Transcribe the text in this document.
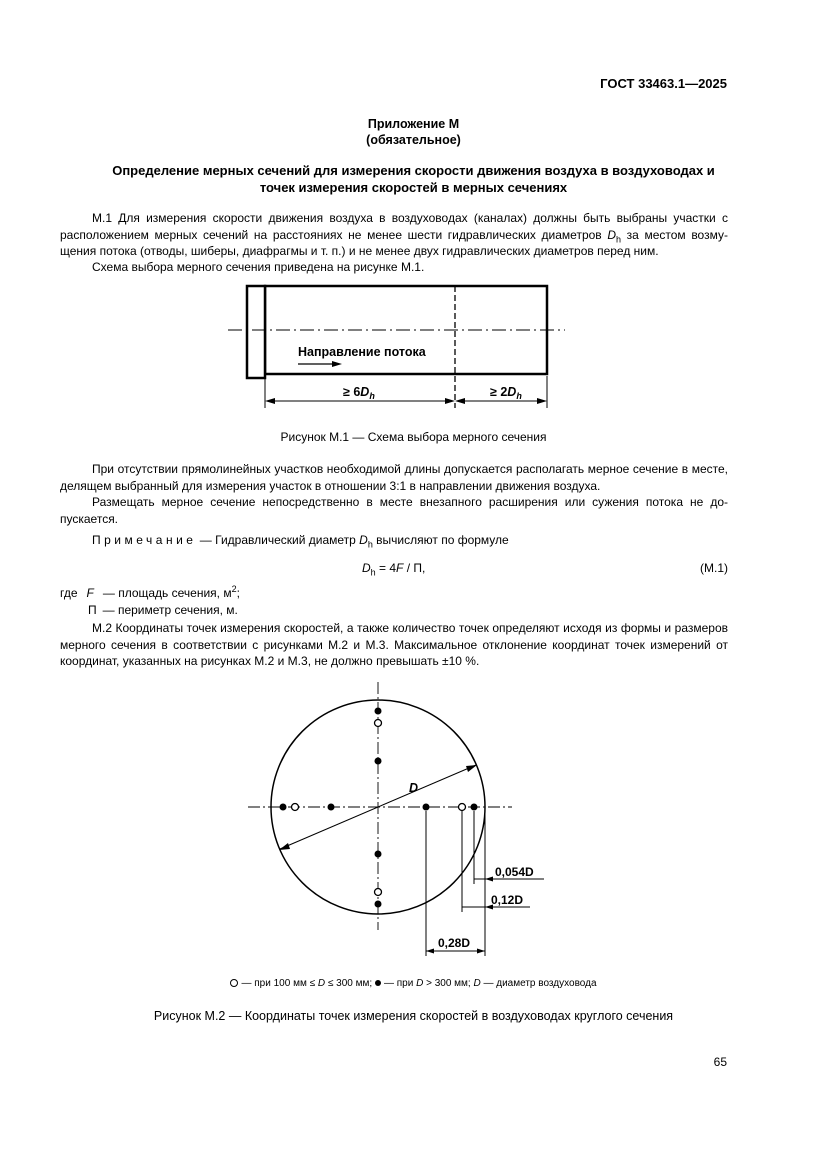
ГОСТ 33463.1—2025
Приложение М
(обязательное)
Определение мерных сечений для измерения скорости движения воздуха в воздуховодах и
точек измерения скоростей в мерных сечениях
М.1 Для измерения скорости движения воздуха в воздуховодах (каналах) должны быть выбраны участки с расположением мерных сечений на расстояниях не менее шести гидравлических диаметров $D_h$ за местом возмущения потока (отводы, шиберы, диафрагмы и т. п.) и не менее двух гидравлических диаметров перед ним.
Схема выбора мерного сечения приведена на рисунке М.1.
Направление потока
≥ $6D_h$	≥ $2D_h$
Рисунок М.1 — Схема выбора мерного сечения
При отсутствии прямолинейных участков необходимой длины допускается располагать мерное сечение в месте, делящем выбранный для измерения участок в отношении 3:1 в направлении движения воздуха.
Размещать мерное сечение непосредственно в месте внезапного расширения или сужения потока не допускается.
Примечание — Гидравлический диаметр $D_h$ вычисляют по формуле
$D_h = 4F / П$,	(М.1)
где F — площадь сечения, $м^2$;
П — периметр сечения, м.
М.2 Координаты точек измерения скоростей, а также количество точек определяют исходя из формы и размеров мерного сечения в соответствии с рисунками М.2 и М.3. Максимальное отклонение координат точек измерений от координат, указанных на рисунках М.2 и М.3, не должно превышать ±10 %.
D
0,054D
0,12D
0,28D
— при 100 мм ≤ D ≤ 300 мм; — при D > 300 мм; D — диаметр воздуховода
Рисунок М.2 — Координаты точек измерения скоростей в воздуховодах круглого сечения
65
